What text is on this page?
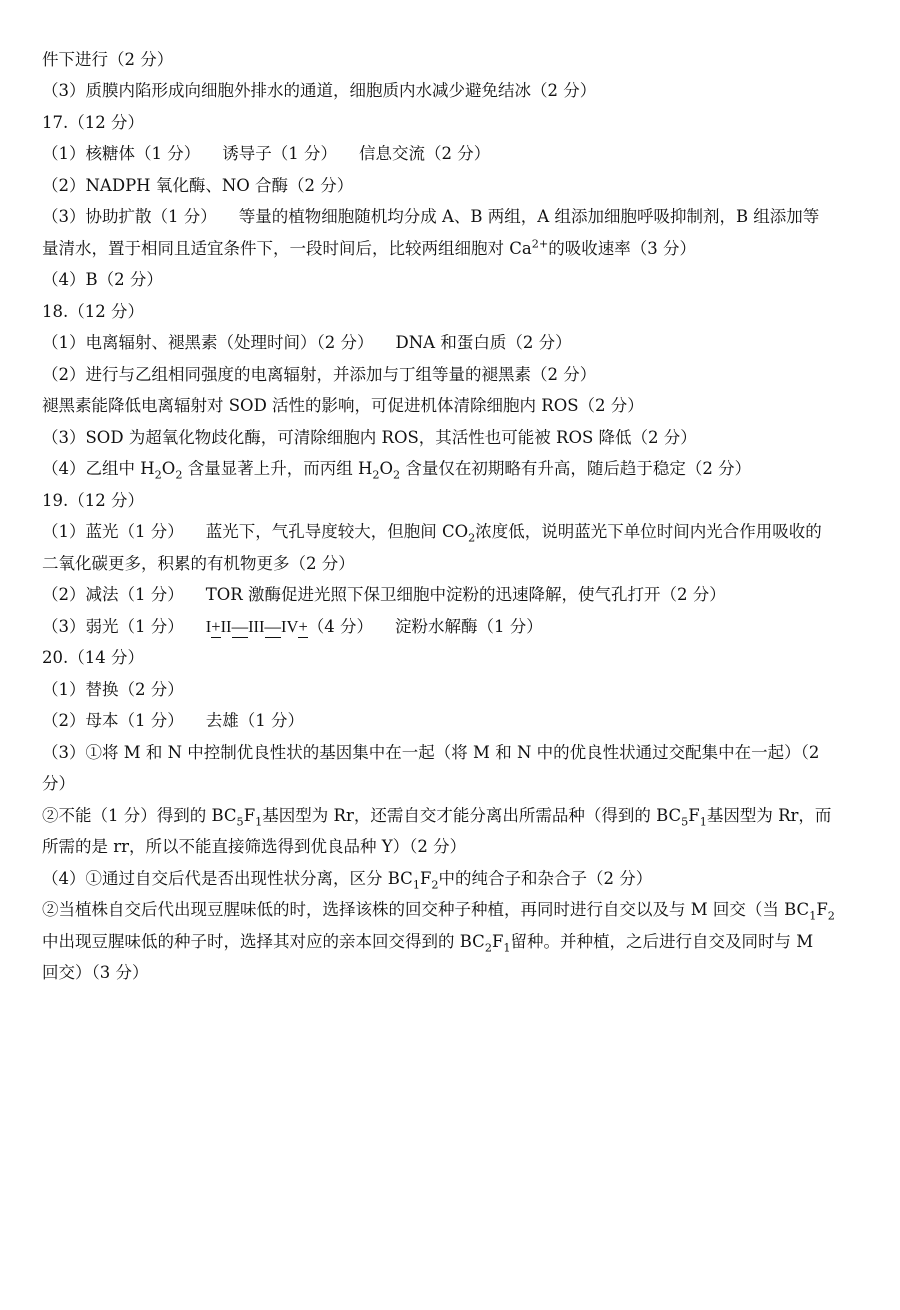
件下进行（2 分）
（3）质膜内陷形成向细胞外排水的通道，细胞质内水减少避免结冰（2 分）
17.（12 分）
（1）核糖体（1 分） 诱导子（1 分） 信息交流（2 分）
（2）NADPH 氧化酶、NO 合酶（2 分）
（3）协助扩散（1 分） 等量的植物细胞随机均分成 A、B 两组，A 组添加细胞呼吸抑制剂，B 组添加等
量清水，置于相同且适宜条件下，一段时间后，比较两组细胞对 $Ca^{2+}$的吸收速率（3 分）
（4）B（2 分）
18.（12 分）
（1）电离辐射、褪黑素（处理时间）（2 分） DNA 和蛋白质（2 分）
（2）进行与乙组相同强度的电离辐射，并添加与丁组等量的褪黑素（2 分）
褪黑素能降低电离辐射对 SOD 活性的影响，可促进机体清除细胞内 ROS（2 分）
（3）SOD 为超氧化物歧化酶，可清除细胞内 ROS，其活性也可能被 ROS 降低（2 分）
（4）乙组中 $H_2O_2$ 含量显著上升，而丙组 $H_2O_2$ 含量仅在初期略有升高，随后趋于稳定（2 分）
19.（12 分）
（1）蓝光（1 分） 蓝光下，气孔导度较大，但胞间 $CO_2$浓度低，说明蓝光下单位时间内光合作用吸收的
二氧化碳更多，积累的有机物更多（2 分）
（2）减法（1 分） TOR 激酶促进光照下保卫细胞中淀粉的迅速降解，使气孔打开（2 分）
（3）弱光（1 分） I+II—III—IV+（4 分） 淀粉水解酶（1 分）
20.（14 分）
（1）替换（2 分）
（2）母本（1 分） 去雄（1 分）
（3）①将 M 和 N 中控制优良性状的基因集中在一起（将 M 和 N 中的优良性状通过交配集中在一起）（2
分）
②不能（1 分）得到的 $BC_5F_1$基因型为 Rr，还需自交才能分离出所需品种（得到的 $BC_5F_1$基因型为 Rr，而
所需的是 rr，所以不能直接筛选得到优良品种 Y）（2 分）
（4）①通过自交后代是否出现性状分离，区分 $BC_1F_2$中的纯合子和杂合子（2 分）
②当植株自交后代出现豆腥味低的时，选择该株的回交种子种植，再同时进行自交以及与 M 回交（当 $BC_1F_2$
中出现豆腥味低的种子时，选择其对应的亲本回交得到的 $BC_2F_1$留种。并种植，之后进行自交及同时与 M
回交）（3 分）
